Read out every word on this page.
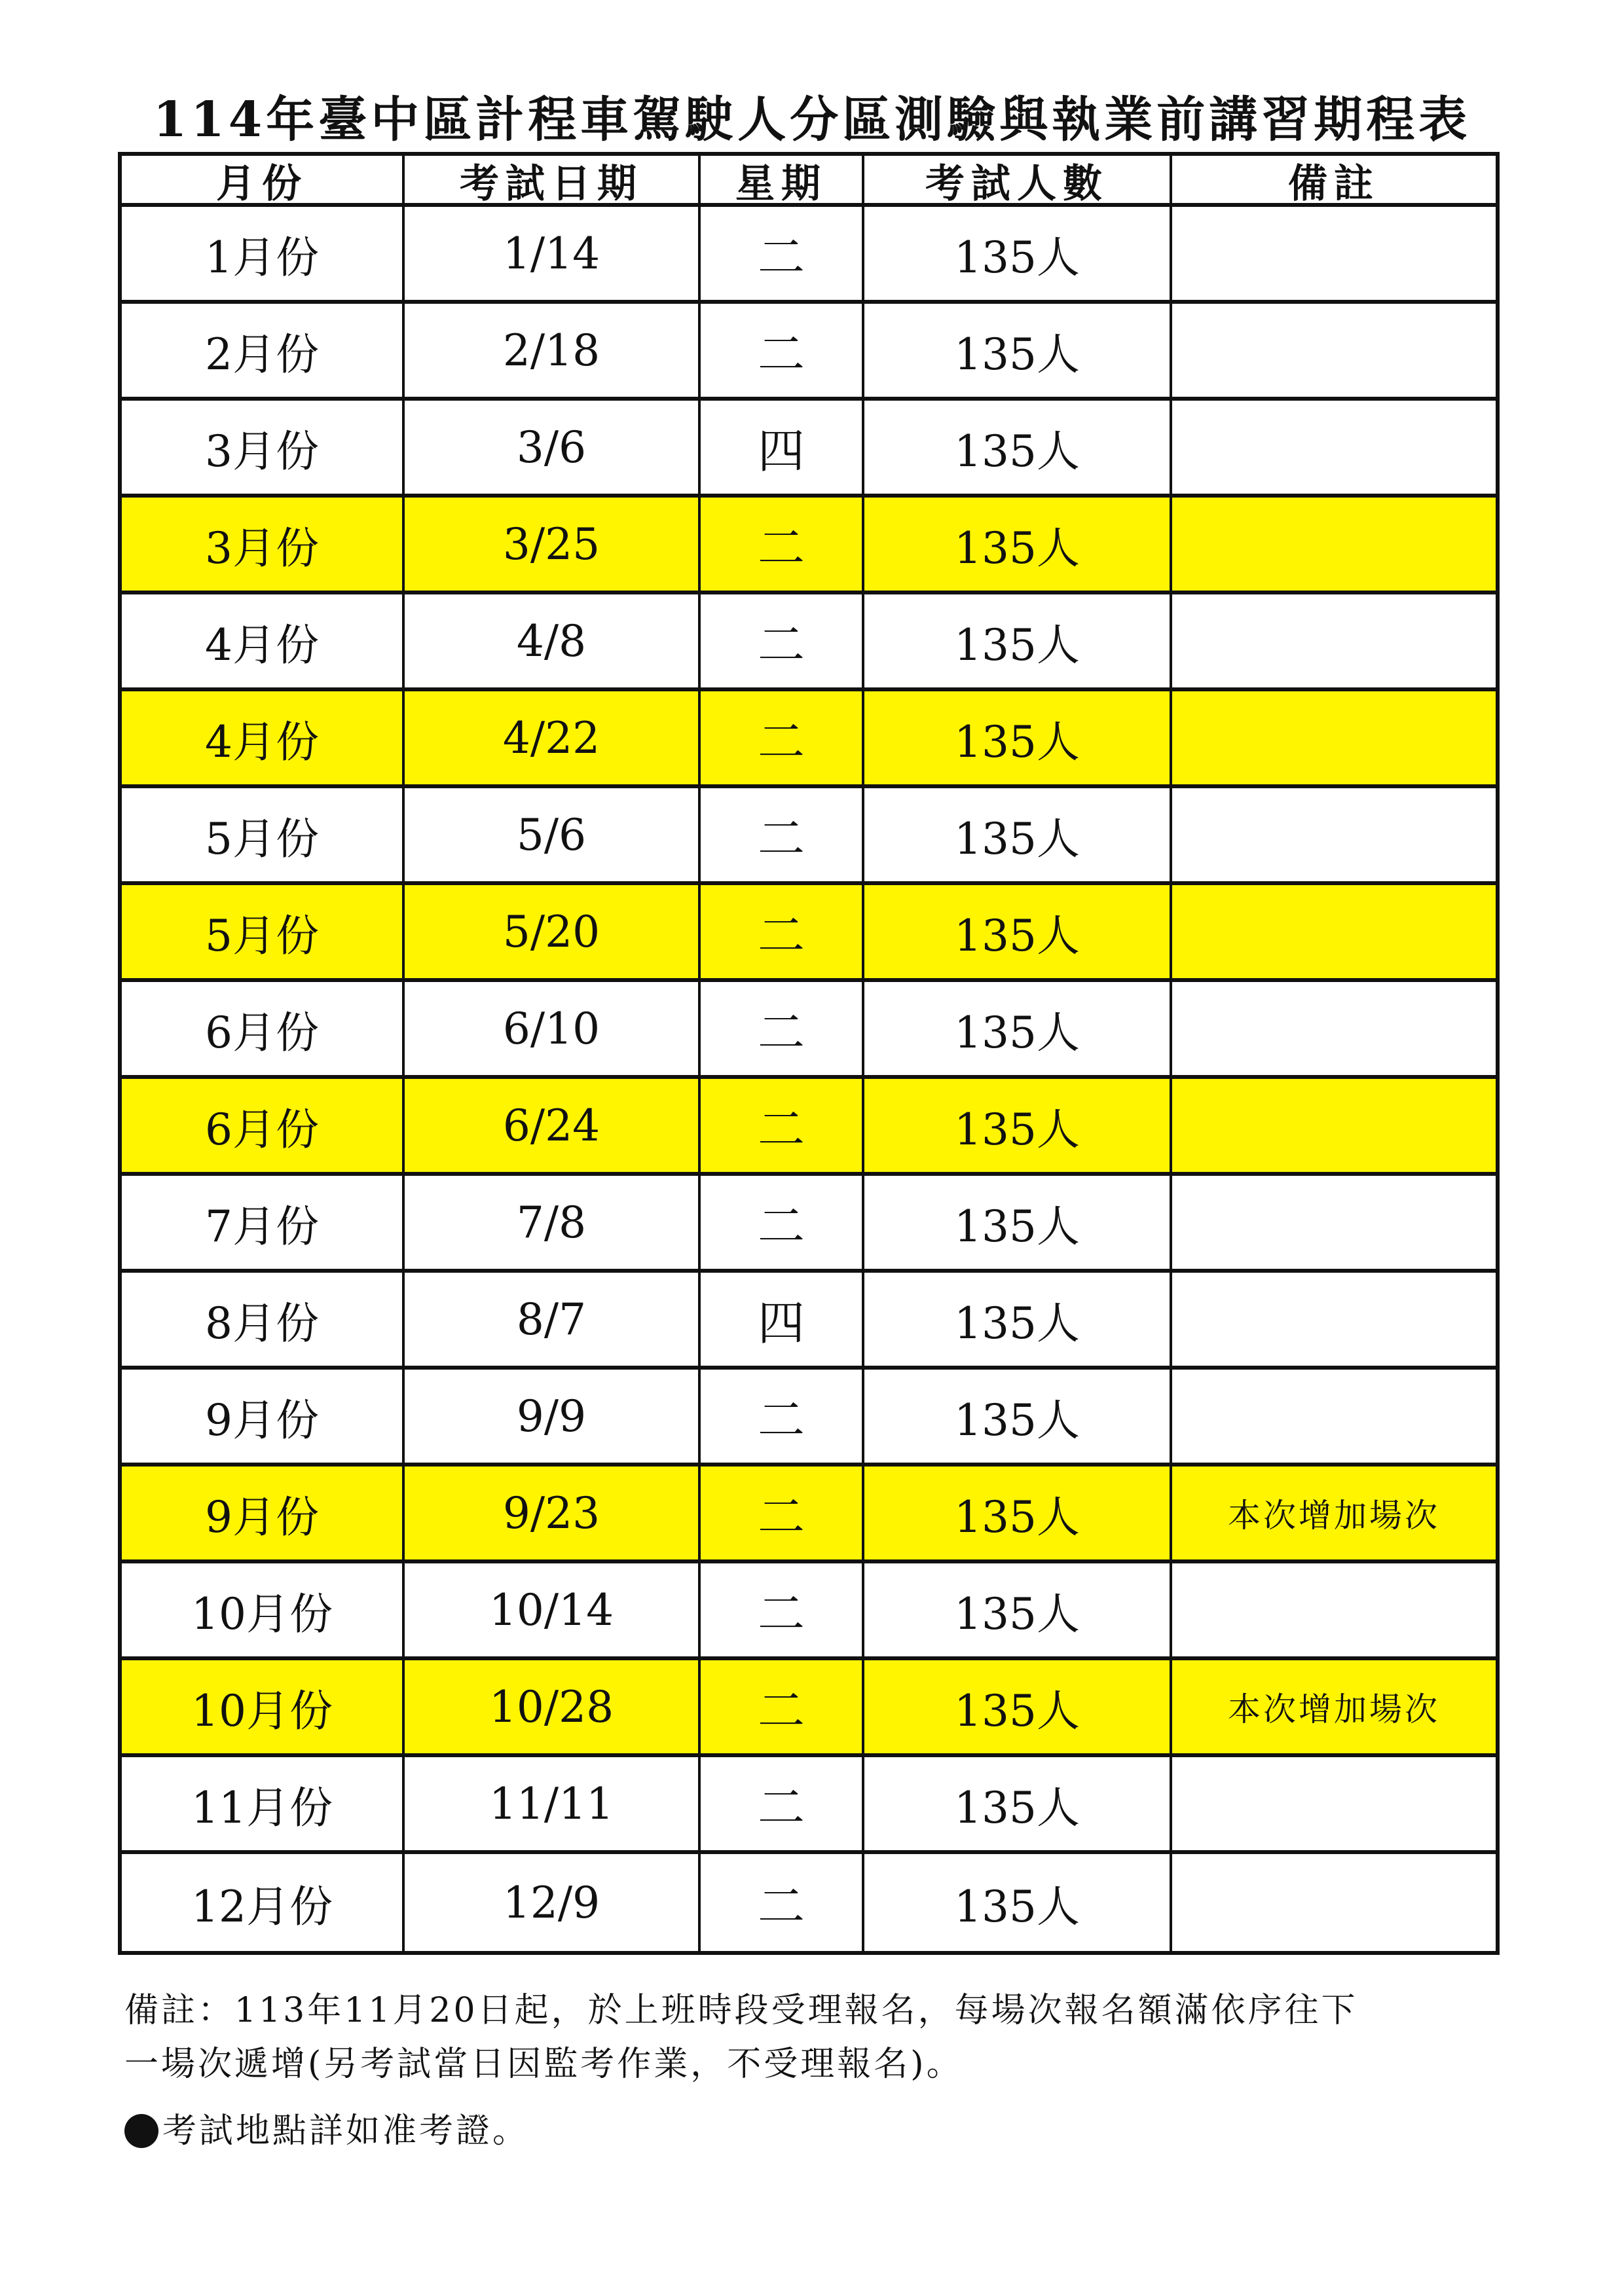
114年臺中區計程車駕駛人分區測驗與執業前講習期程表
月份	考試日期	星期	考試人數	備註
1月份	1/14	二	135人
2月份	2/18	二	135人
3月份	3/6	四	135人
3月份	3/25	二	135人
4月份	4/8	二	135人
4月份	4/22	二	135人
5月份	5/6	二	135人
5月份	5/20	二	135人
6月份	6/10	二	135人
6月份	6/24	二	135人
7月份	7/8	二	135人
8月份	8/7	四	135人
9月份	9/9	二	135人
9月份	9/23	二	135人	本次增加場次
10月份	10/14	二	135人
10月份	10/28	二	135人	本次增加場次
11月份	11/11	二	135人
12月份	12/9	二	135人

備註：113年11月20日起，於上班時段受理報名，每場次報名額滿依序往下

一場次遞增(另考試當日因監考作業，不受理報名)。

考試地點詳如准考證。
